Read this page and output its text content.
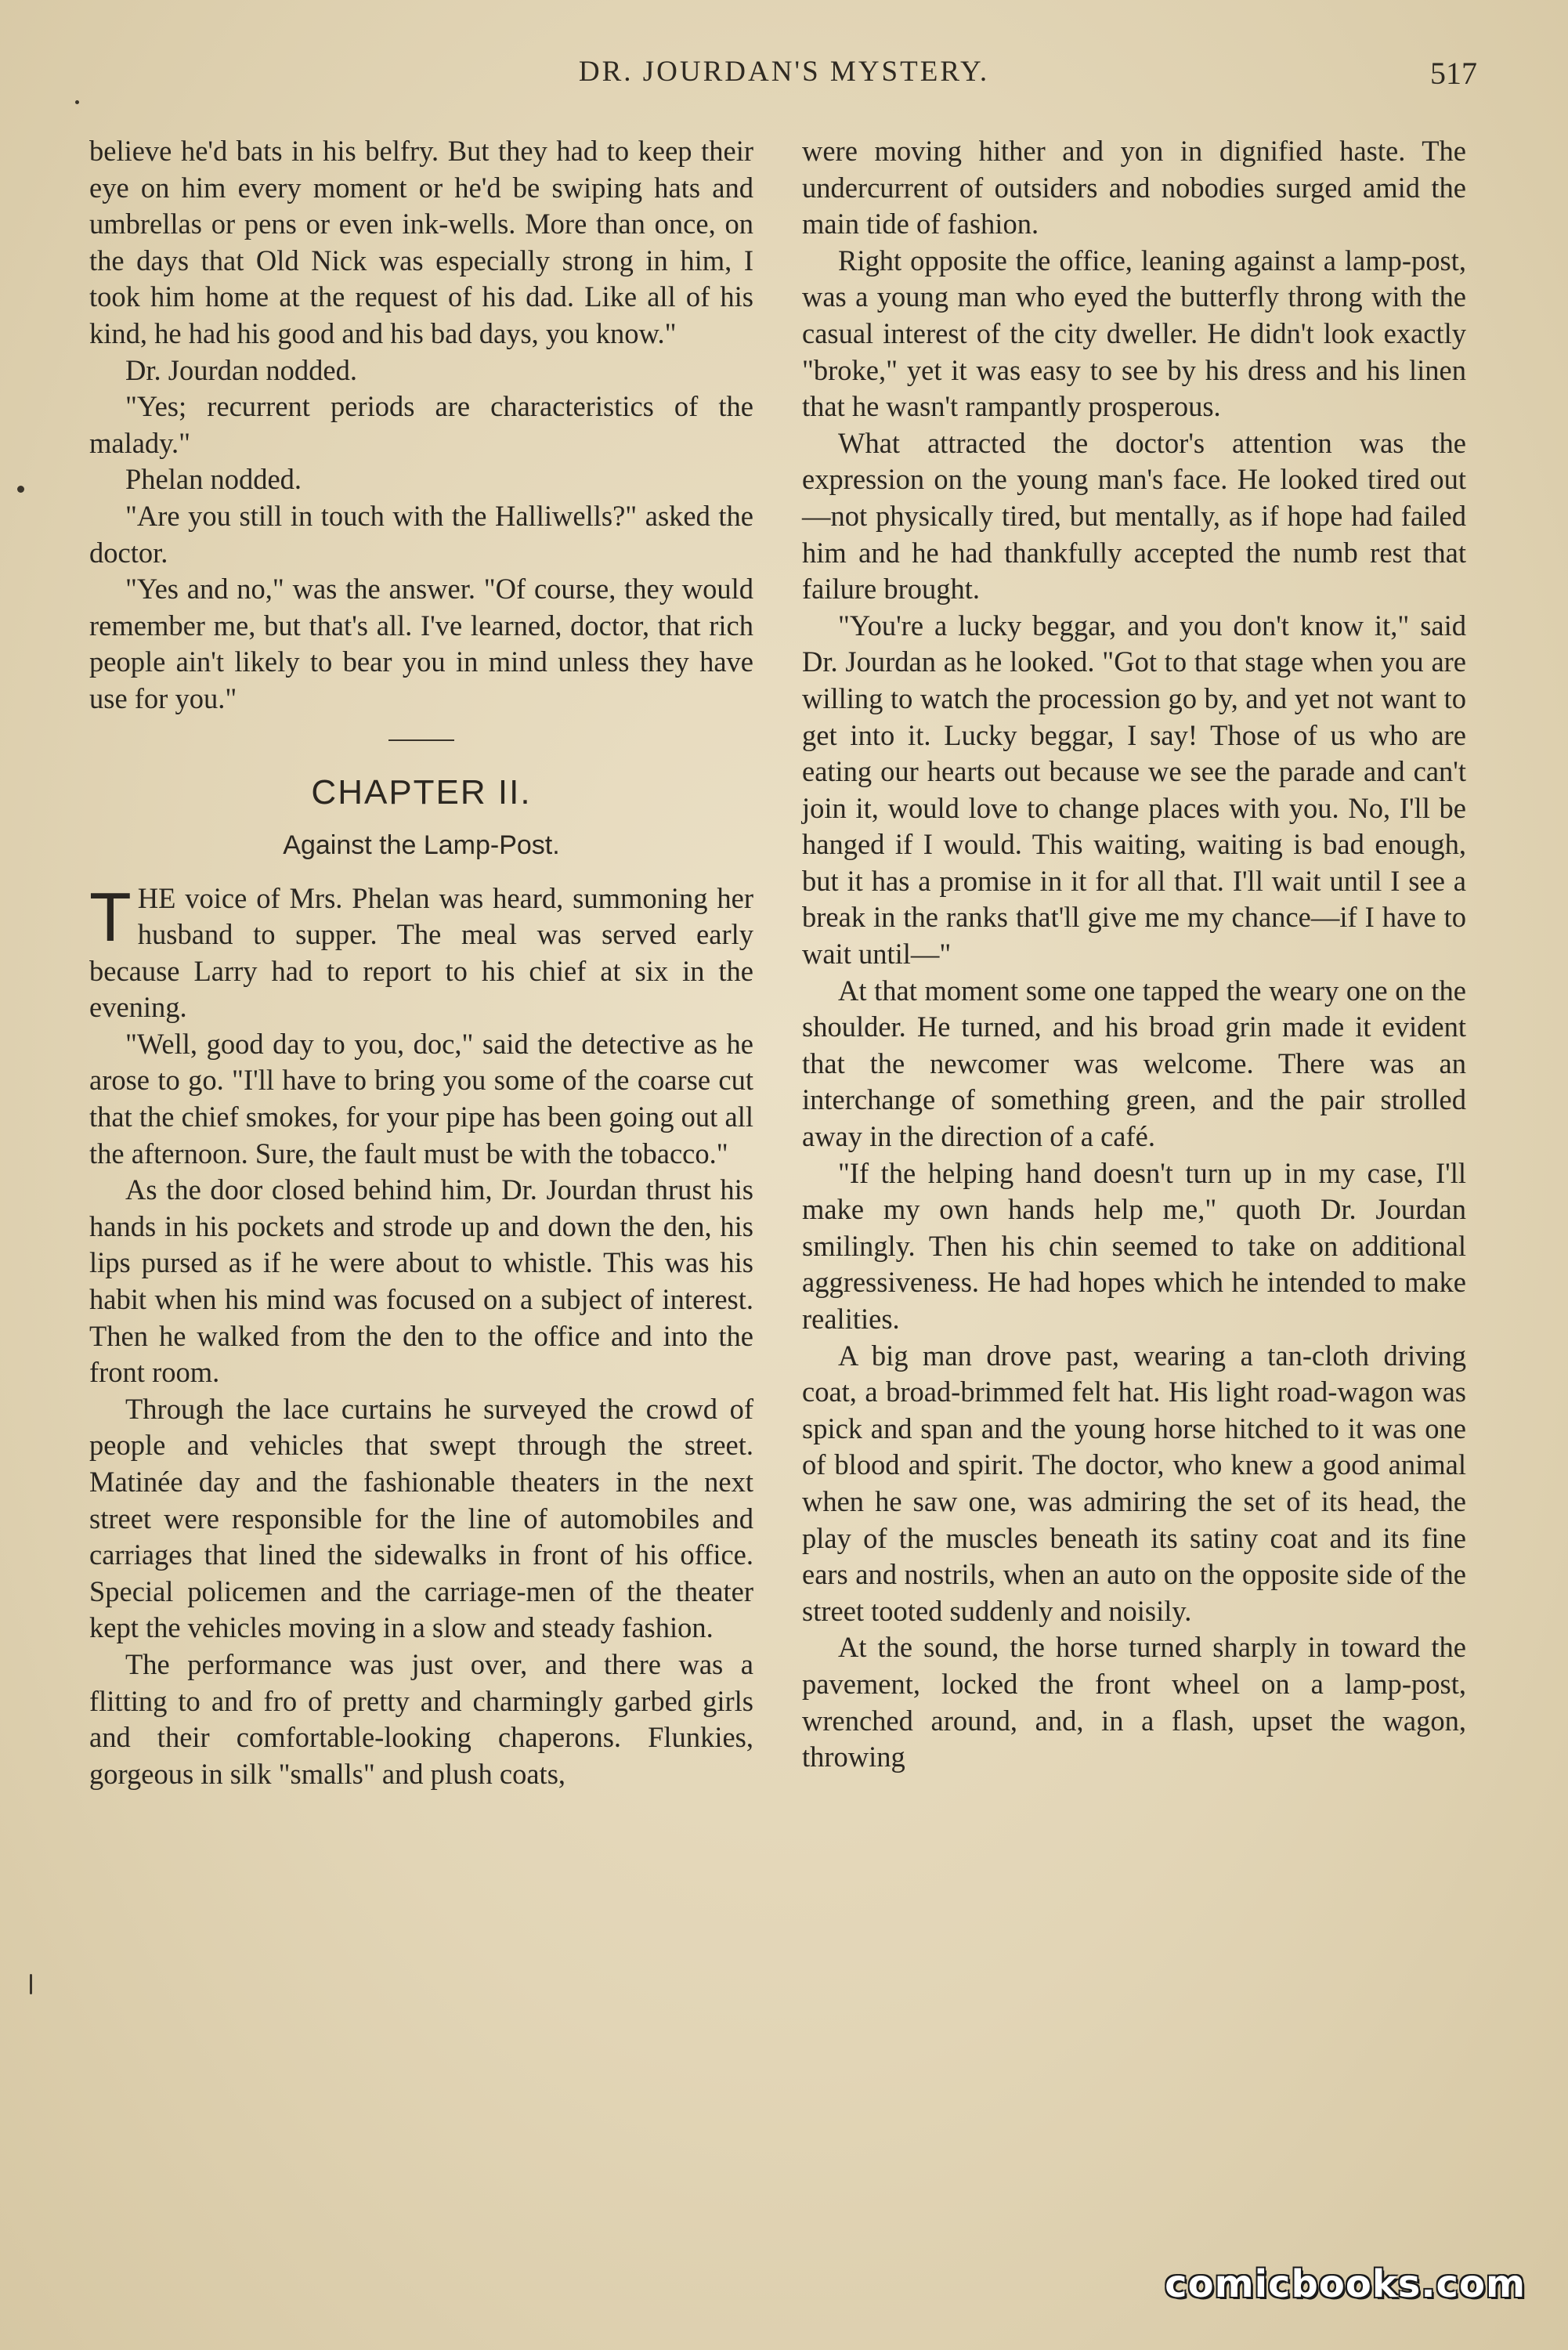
DR. JOURDAN'S MYSTERY.	517

believe he'd bats in his belfry. But they had to keep their eye on him every moment or he'd be swiping hats and umbrellas or pens or even ink-wells. More than once, on the days that Old Nick was especially strong in him, I took him home at the request of his dad. Like all of his kind, he had his good and his bad days, you know."

Dr. Jourdan nodded.

"Yes; recurrent periods are characteristics of the malady."

Phelan nodded.

"Are you still in touch with the Halliwells?" asked the doctor.

"Yes and no," was the answer. "Of course, they would remember me, but that's all. I've learned, doctor, that rich people ain't likely to bear you in mind unless they have use for you."

CHAPTER II.
Against the Lamp-Post.

THE voice of Mrs. Phelan was heard, summoning her husband to supper. The meal was served early because Larry had to report to his chief at six in the evening.

"Well, good day to you, doc," said the detective as he arose to go. "I'll have to bring you some of the coarse cut that the chief smokes, for your pipe has been going out all the afternoon. Sure, the fault must be with the tobacco."

As the door closed behind him, Dr. Jourdan thrust his hands in his pockets and strode up and down the den, his lips pursed as if he were about to whistle. This was his habit when his mind was focused on a subject of interest. Then he walked from the den to the office and into the front room.

Through the lace curtains he surveyed the crowd of people and vehicles that swept through the street. Matinée day and the fashionable theaters in the next street were responsible for the line of automobiles and carriages that lined the sidewalks in front of his office. Special policemen and the carriage-men of the theater kept the vehicles moving in a slow and steady fashion.

The performance was just over, and there was a flitting to and fro of pretty and charmingly garbed girls and their comfortable-looking chaperons. Flunkies, gorgeous in silk "smalls" and plush coats,

were moving hither and yon in dignified haste. The undercurrent of outsiders and nobodies surged amid the main tide of fashion.

Right opposite the office, leaning against a lamp-post, was a young man who eyed the butterfly throng with the casual interest of the city dweller. He didn't look exactly "broke," yet it was easy to see by his dress and his linen that he wasn't rampantly prosperous.

What attracted the doctor's attention was the expression on the young man's face. He looked tired out—not physically tired, but mentally, as if hope had failed him and he had thankfully accepted the numb rest that failure brought.

"You're a lucky beggar, and you don't know it," said Dr. Jourdan as he looked. "Got to that stage when you are willing to watch the procession go by, and yet not want to get into it. Lucky beggar, I say! Those of us who are eating our hearts out because we see the parade and can't join it, would love to change places with you. No, I'll be hanged if I would. This waiting, waiting is bad enough, but it has a promise in it for all that. I'll wait until I see a break in the ranks that'll give me my chance—if I have to wait until—"

At that moment some one tapped the weary one on the shoulder. He turned, and his broad grin made it evident that the newcomer was welcome. There was an interchange of something green, and the pair strolled away in the direction of a café.

"If the helping hand doesn't turn up in my case, I'll make my own hands help me," quoth Dr. Jourdan smilingly. Then his chin seemed to take on additional aggressiveness. He had hopes which he intended to make realities.

A big man drove past, wearing a tan-cloth driving coat, a broad-brimmed felt hat. His light road-wagon was spick and span and the young horse hitched to it was one of blood and spirit. The doctor, who knew a good animal when he saw one, was admiring the set of its head, the play of the muscles beneath its satiny coat and its fine ears and nostrils, when an auto on the opposite side of the street tooted suddenly and noisily.

At the sound, the horse turned sharply in toward the pavement, locked the front wheel on a lamp-post, wrenched around, and, in a flash, upset the wagon, throwing

comicbooks.com
